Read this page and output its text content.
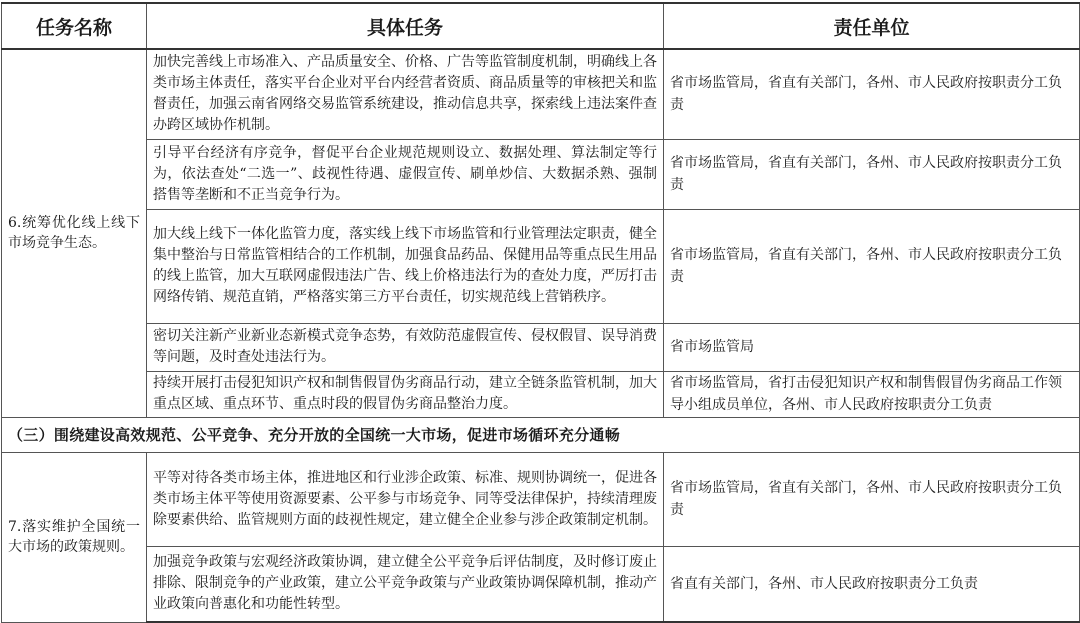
任务名称	具体任务	责任单位
6.统筹优化线上线下市场竞争生态。	加快完善线上市场准入、产品质量安全、价格、广告等监管制度机制，明确线上各类市场主体责任，落实平台企业对平台内经营者资质、商品质量等的审核把关和监督责任，加强云南省网络交易监管系统建设，推动信息共享，探索线上违法案件查办跨区域协作机制。	省市场监管局，省直有关部门，各州、市人民政府按职责分工负责
	引导平台经济有序竞争，督促平台企业规范规则设立、数据处理、算法制定等行为，依法查处“二选一”、歧视性待遇、虚假宣传、刷单炒信、大数据杀熟、强制搭售等垄断和不正当竞争行为。	省市场监管局，省直有关部门，各州、市人民政府按职责分工负责
	加大线上线下一体化监管力度，落实线上线下市场监管和行业管理法定职责，健全集中整治与日常监管相结合的工作机制，加强食品药品、保健用品等重点民生用品的线上监管，加大互联网虚假违法广告、线上价格违法行为的查处力度，严厉打击网络传销、规范直销，严格落实第三方平台责任，切实规范线上营销秩序。	省市场监管局，省直有关部门，各州、市人民政府按职责分工负责
	密切关注新产业新业态新模式竞争态势，有效防范虚假宣传、侵权假冒、误导消费等问题，及时查处违法行为。	省市场监管局
	持续开展打击侵犯知识产权和制售假冒伪劣商品行动，建立全链条监管机制，加大重点区域、重点环节、重点时段的假冒伪劣商品整治力度。	省市场监管局，省打击侵犯知识产权和制售假冒伪劣商品工作领导小组成员单位，各州、市人民政府按职责分工负责
（三）围绕建设高效规范、公平竞争、充分开放的全国统一大市场，促进市场循环充分通畅		
7.落实维护全国统一大市场的政策规则。	平等对待各类市场主体，推进地区和行业涉企政策、标准、规则协调统一，促进各类市场主体平等使用资源要素、公平参与市场竞争、同等受法律保护，持续清理废除要素供给、监管规则方面的歧视性规定，建立健全企业参与涉企政策制定机制。	省市场监管局，省直有关部门，各州、市人民政府按职责分工负责
	加强竞争政策与宏观经济政策协调，建立健全公平竞争后评估制度，及时修订废止排除、限制竞争的产业政策，建立公平竞争政策与产业政策协调保障机制，推动产业政策向普惠化和功能性转型。	省直有关部门，各州、市人民政府按职责分工负责
